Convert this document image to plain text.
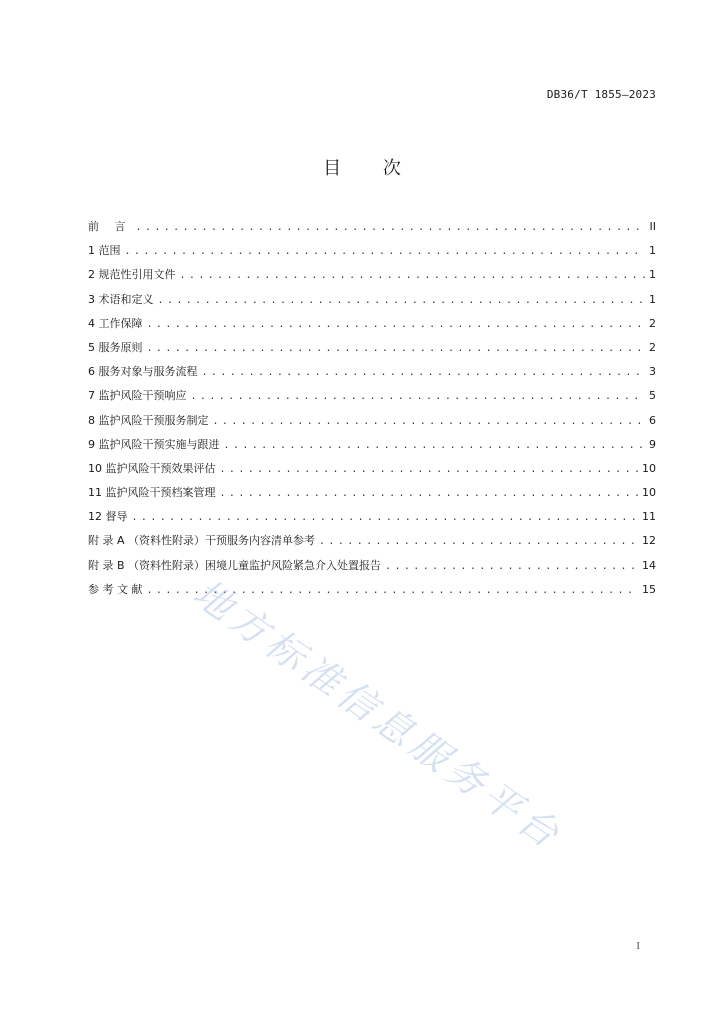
DB36/T 1855—2023
目 次
前 言 .....	II
1 范围 .....	1
2 规范性引用文件 .....	1
3 术语和定义 .....	1
4 工作保障 .....	2
5 服务原则 .....	2
6 服务对象与服务流程 .....	3
7 监护风险干预响应 .....	5
8 监护风险干预服务制定 .....	6
9 监护风险干预实施与跟进 .....	9
10 监护风险干预效果评估 .....	10
11 监护风险干预档案管理 .....	10
12 督导 .....	11
附 录 A （资料性附录）干预服务内容清单参考 .....	12
附 录 B （资料性附录）困境儿童监护风险紧急介入处置报告 .....	14
参 考 文 献 .....	15
地方标准信息服务平台
I
